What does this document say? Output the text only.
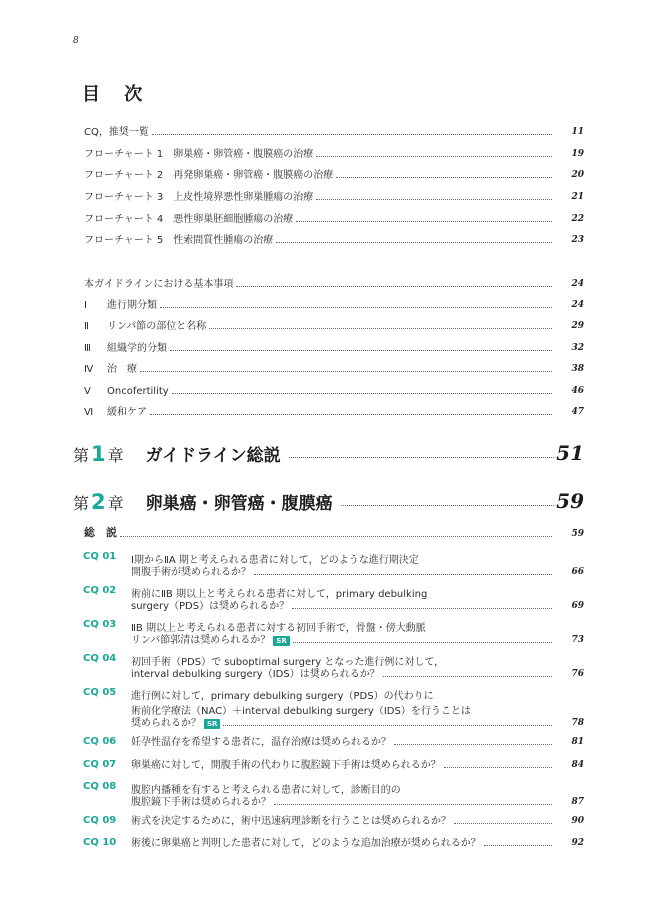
8
目 次
CQ，推奨一覧	11
フローチャート 1　卵巣癌・卵管癌・腹膜癌の治療	19
フローチャート 2　再発卵巣癌・卵管癌・腹膜癌の治療	20
フローチャート 3　上皮性境界悪性卵巣腫瘍の治療	21
フローチャート 4　悪性卵巣胚細胞腫瘍の治療	22
フローチャート 5　性索間質性腫瘍の治療	23
本ガイドラインにおける基本事項	24
Ⅰ 進行期分類	24
Ⅱ リンパ節の部位と名称	29
Ⅲ 組織学的分類	32
Ⅳ 治　療	38
Ⅴ Oncofertility	46
Ⅵ 緩和ケア	47
第1 章 ガイドライン総説	51
第2 章 卵巣癌・卵管癌・腹膜癌	59
総　説	59
CQ 01 Ⅰ期からⅡA 期と考えられる患者に対して，どのような進行期決定
開腹手術が奨められるか？	66
CQ 02 術前にⅡB 期以上と考えられる患者に対して，primary debulking
surgery（PDS）は奨められるか？	69
CQ 03 ⅡB 期以上と考えられる患者に対する初回手術で，骨盤・傍大動脈
リンパ節郭清は奨められるか？ SR	73
CQ 04 初回手術（PDS）で suboptimal surgery となった進行例に対して，
interval debulking surgery（IDS）は奨められるか？	76
CQ 05 進行例に対して，primary debulking surgery（PDS）の代わりに
術前化学療法（NAC）＋interval debulking surgery（IDS）を行うことは
奨められるか？ SR	78
CQ 06 妊孕性温存を希望する患者に，温存治療は奨められるか？	81
CQ 07 卵巣癌に対して，開腹手術の代わりに腹腔鏡下手術は奨められるか？	84
CQ 08 腹腔内播種を有すると考えられる患者に対して，診断目的の
腹腔鏡下手術は奨められるか？	87
CQ 09 術式を決定するために，術中迅速病理診断を行うことは奨められるか？	90
CQ 10 術後に卵巣癌と判明した患者に対して，どのような追加治療が奨められるか？	92
